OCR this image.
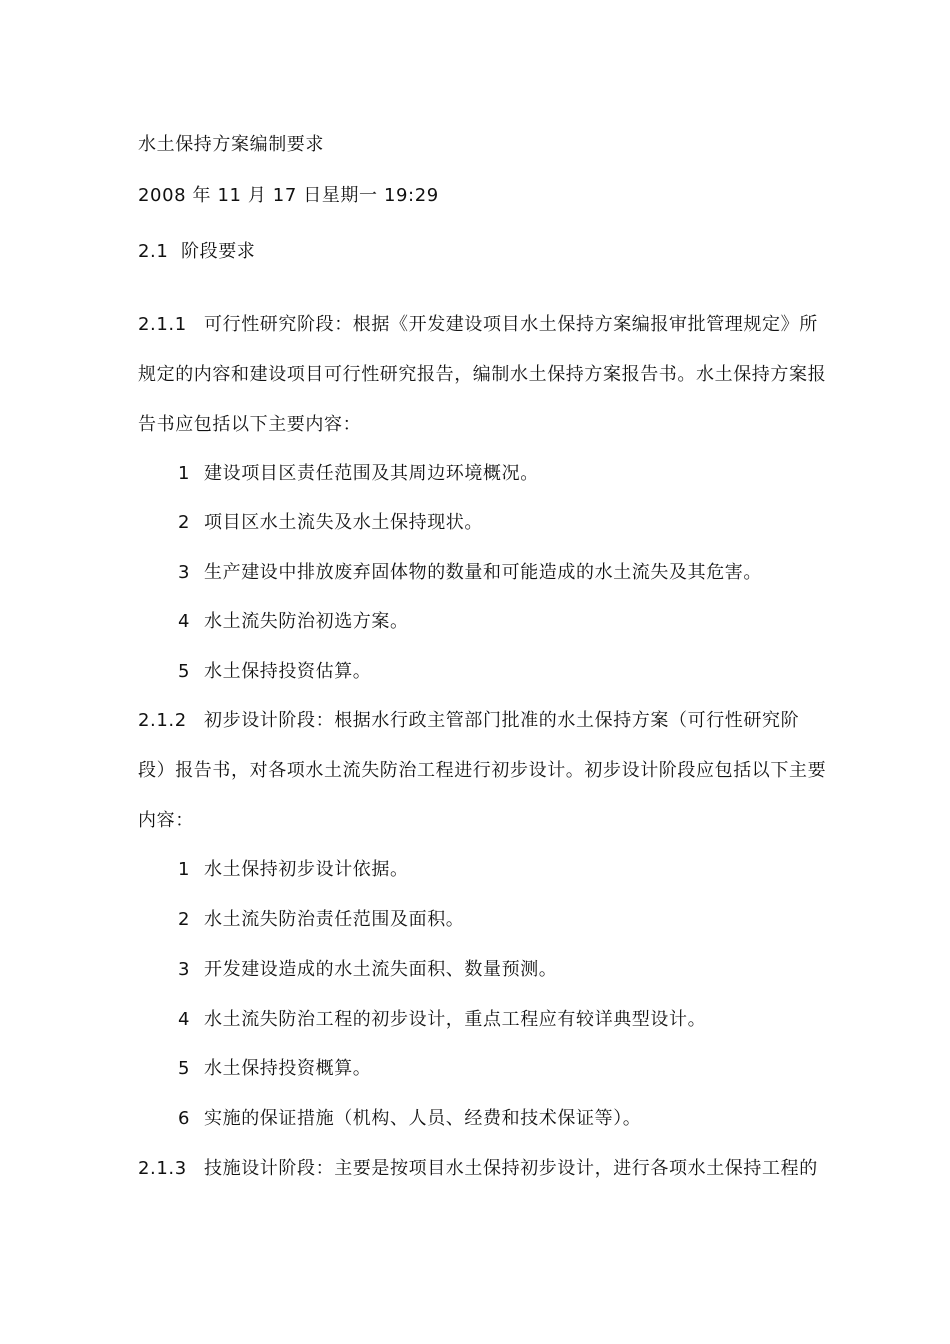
水土保持方案编制要求

2008 年 11 月 17 日星期一 19:29

2.1 阶段要求

2.1.1 可行性研究阶段：根据《开发建设项目水土保持方案编报审批管理规定》所

规定的内容和建设项目可行性研究报告，编制水土保持方案报告书。水土保持方案报

告书应包括以下主要内容：

1 建设项目区责任范围及其周边环境概况。

2 项目区水土流失及水土保持现状。

3 生产建设中排放废弃固体物的数量和可能造成的水土流失及其危害。

4 水土流失防治初选方案。

5 水土保持投资估算。

2.1.2 初步设计阶段：根据水行政主管部门批准的水土保持方案（可行性研究阶

段）报告书，对各项水土流失防治工程进行初步设计。初步设计阶段应包括以下主要

内容：

1 水土保持初步设计依据。

2 水土流失防治责任范围及面积。

3 开发建设造成的水土流失面积、数量预测。

4 水土流失防治工程的初步设计，重点工程应有较详典型设计。

5 水土保持投资概算。

6 实施的保证措施（机构、人员、经费和技术保证等）。

2.1.3 技施设计阶段：主要是按项目水土保持初步设计，进行各项水土保持工程的
